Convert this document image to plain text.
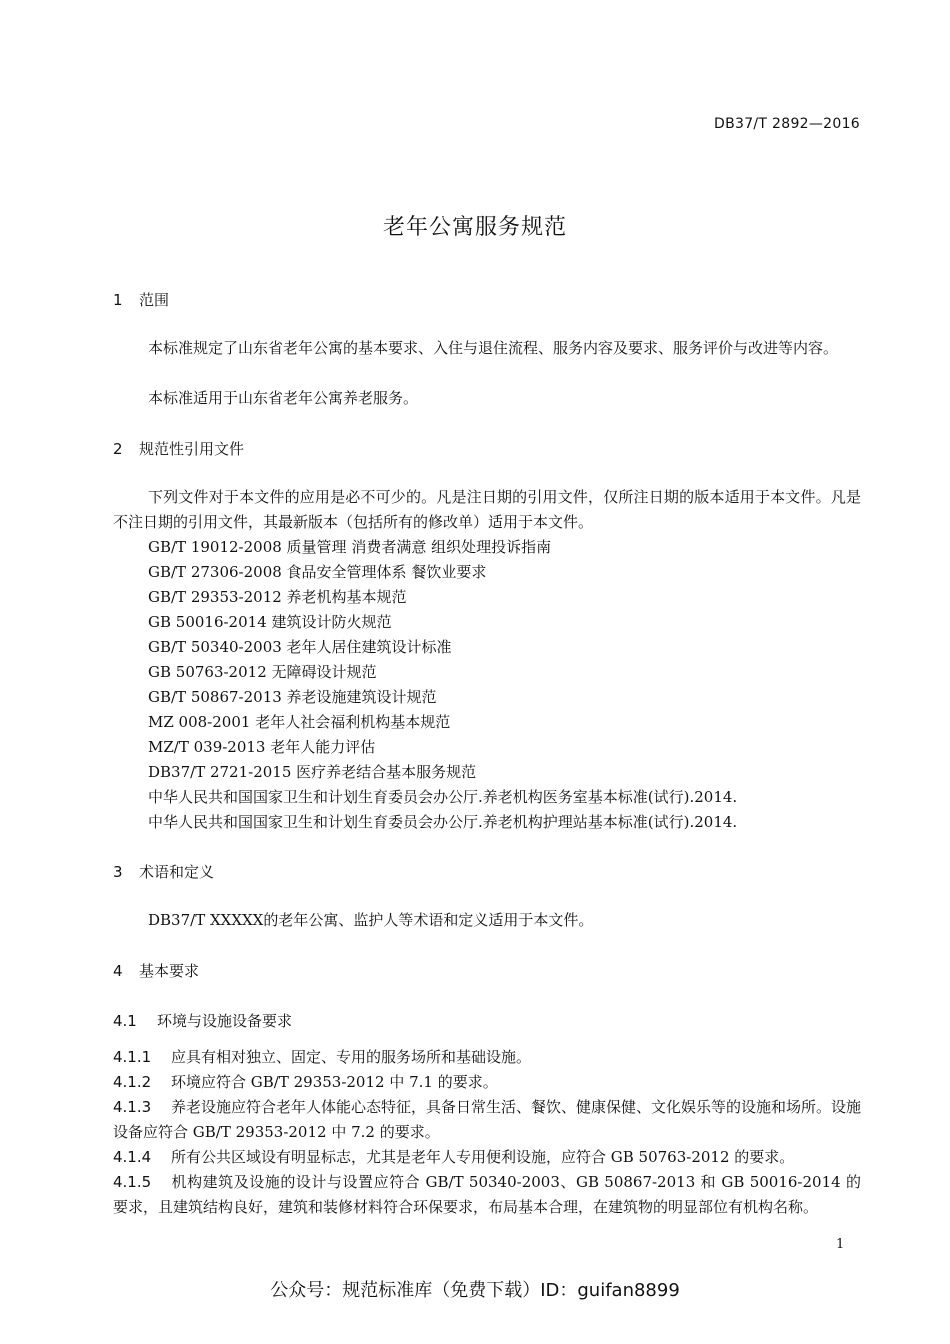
DB37/T 2892—2016
老年公寓服务规范
1 范围
本标准规定了山东省老年公寓的基本要求、入住与退住流程、服务内容及要求、服务评价与改进等内容。
本标准适用于山东省老年公寓养老服务。
2 规范性引用文件
下列文件对于本文件的应用是必不可少的。凡是注日期的引用文件，仅所注日期的版本适用于本文件。凡是不注日期的引用文件，其最新版本（包括所有的修改单）适用于本文件。
GB/T 19012-2008 质量管理 消费者满意 组织处理投诉指南
GB/T 27306-2008 食品安全管理体系 餐饮业要求
GB/T 29353-2012 养老机构基本规范
GB 50016-2014 建筑设计防火规范
GB/T 50340-2003 老年人居住建筑设计标准
GB 50763-2012 无障碍设计规范
GB/T 50867-2013 养老设施建筑设计规范
MZ 008-2001 老年人社会福利机构基本规范
MZ/T 039-2013 老年人能力评估
DB37/T 2721-2015 医疗养老结合基本服务规范
中华人民共和国国家卫生和计划生育委员会办公厅.养老机构医务室基本标准(试行).2014.
中华人民共和国国家卫生和计划生育委员会办公厅.养老机构护理站基本标准(试行).2014.
3 术语和定义
DB37/T XXXXX的老年公寓、监护人等术语和定义适用于本文件。
4 基本要求
4.1 环境与设施设备要求
4.1.1 应具有相对独立、固定、专用的服务场所和基础设施。
4.1.2 环境应符合 GB/T 29353-2012 中 7.1 的要求。
4.1.3 养老设施应符合老年人体能心态特征，具备日常生活、餐饮、健康保健、文化娱乐等的设施和场所。设施设备应符合 GB/T 29353-2012 中 7.2 的要求。
4.1.4 所有公共区域设有明显标志，尤其是老年人专用便利设施，应符合 GB 50763-2012 的要求。
4.1.5 机构建筑及设施的设计与设置应符合 GB/T 50340-2003、GB 50867-2013 和 GB 50016-2014 的要求，且建筑结构良好，建筑和装修材料符合环保要求，布局基本合理，在建筑物的明显部位有机构名称。
1
公众号：规范标准库（免费下载）ID：guifan8899
